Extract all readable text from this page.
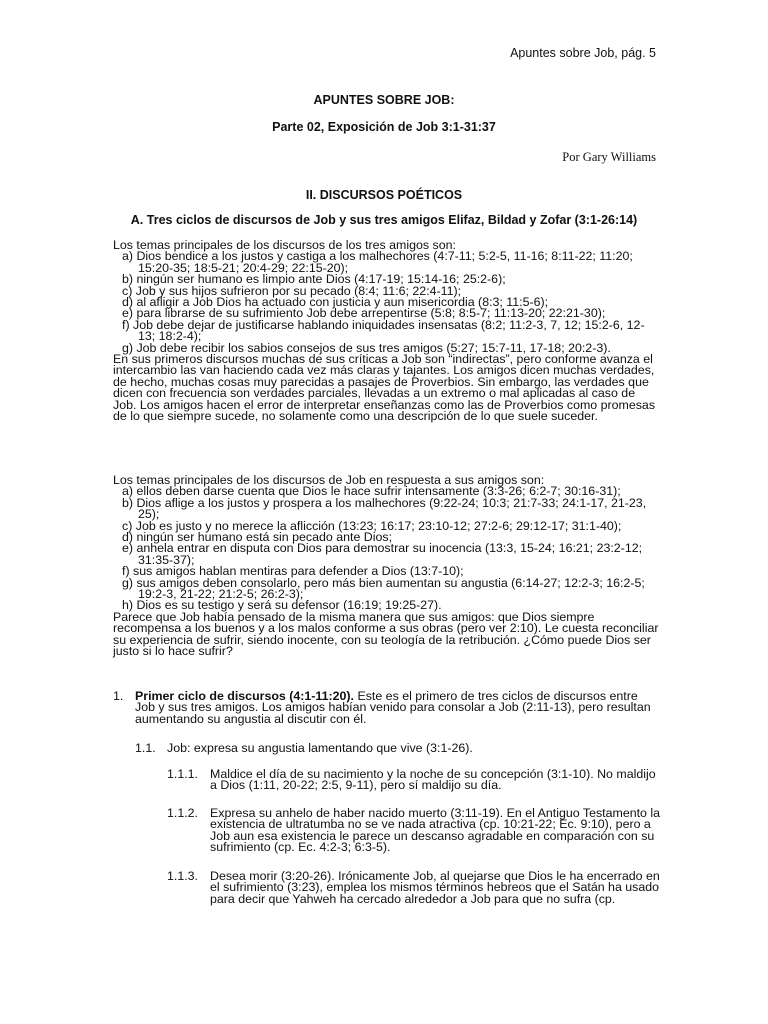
Apuntes sobre Job, pág. 5
APUNTES SOBRE JOB:
Parte 02, Exposición de Job 3:1-31:37
Por Gary Williams
II. DISCURSOS POÉTICOS
A. Tres ciclos de discursos de Job y sus tres amigos Elifaz, Bildad y Zofar (3:1-26:14)

Los temas principales de los discursos de los tres amigos son:

a) Dios bendice a los justos y castiga a los malhechores (4:7-11; 5:2-5, 11-16; 8:11-22; 11:20; 15:20-35; 18:5-21; 20:4-29; 22:15-20);

b) ningún ser humano es limpio ante Dios (4:17-19; 15:14-16; 25:2-6);

c) Job y sus hijos sufrieron por su pecado (8:4; 11:6; 22:4-11);

d) al afligir a Job Dios ha actuado con justicia y aun misericordia (8:3; 11:5-6);

e) para librarse de su sufrimiento Job debe arrepentirse (5:8; 8:5-7; 11:13-20; 22:21-30);

f) Job debe dejar de justificarse hablando iniquidades insensatas (8:2; 11:2-3, 7, 12; 15:2-6, 12-13; 18:2-4);

g) Job debe recibir los sabios consejos de sus tres amigos (5:27; 15:7-11, 17-18; 20:2-3).

En sus primeros discursos muchas de sus críticas a Job son “indirectas”, pero conforme avanza el intercambio las van haciendo cada vez más claras y tajantes. Los amigos dicen muchas verdades, de hecho, muchas cosas muy parecidas a pasajes de Proverbios. Sin embargo, las verdades que dicen con frecuencia son verdades parciales, llevadas a un extremo o mal aplicadas al caso de Job. Los amigos hacen el error de interpretar enseñanzas como las de Proverbios como promesas de lo que siempre sucede, no solamente como una descripción de lo que suele suceder.

Los temas principales de los discursos de Job en respuesta a sus amigos son:

a) ellos deben darse cuenta que Dios le hace sufrir intensamente (3:3-26; 6:2-7; 30:16-31);

b) Dios aflige a los justos y prospera a los malhechores (9:22-24; 10:3; 21:7-33; 24:1-17, 21-23, 25);

c) Job es justo y no merece la aflicción (13:23; 16:17; 23:10-12; 27:2-6; 29:12-17; 31:1-40);

d) ningún ser humano está sin pecado ante Dios;

e) anhela entrar en disputa con Dios para demostrar su inocencia (13:3, 15-24; 16:21; 23:2-12; 31:35-37);

f) sus amigos hablan mentiras para defender a Dios (13:7-10);

g) sus amigos deben consolarlo, pero más bien aumentan su angustia (6:14-27; 12:2-3; 16:2-5; 19:2-3, 21-22; 21:2-5; 26:2-3);

h) Dios es su testigo y será su defensor (16:19; 19:25-27).

Parece que Job había pensado de la misma manera que sus amigos: que Dios siempre recompensa a los buenos y a los malos conforme a sus obras (pero ver 2:10). Le cuesta reconciliar su experiencia de sufrir, siendo inocente, con su teología de la retribución. ¿Cómo puede Dios ser justo si lo hace sufrir?

1. Primer ciclo de discursos (4:1-11:20). Este es el primero de tres ciclos de discursos entre Job y sus tres amigos. Los amigos habían venido para consolar a Job (2:11-13), pero resultan aumentando su angustia al discutir con él.
1.1. Job: expresa su angustia lamentando que vive (3:1-26).
1.1.1. Maldice el día de su nacimiento y la noche de su concepción (3:1-10). No maldijo a Dios (1:11, 20-22; 2:5, 9-11), pero sí maldijo su día.
1.1.2. Expresa su anhelo de haber nacido muerto (3:11-19). En el Antiguo Testamento la existencia de ultratumba no se ve nada atractiva (cp. 10:21-22; Ec. 9:10), pero a Job aun esa existencia le parece un descanso agradable en comparación con su sufrimiento (cp. Ec. 4:2-3; 6:3-5).
1.1.3. Desea morir (3:20-26). Irónicamente Job, al quejarse que Dios le ha encerrado en el sufrimiento (3:23), emplea los mismos términos hebreos que el Satán ha usado para decir que Yahweh ha cercado alrededor a Job para que no sufra (cp.
